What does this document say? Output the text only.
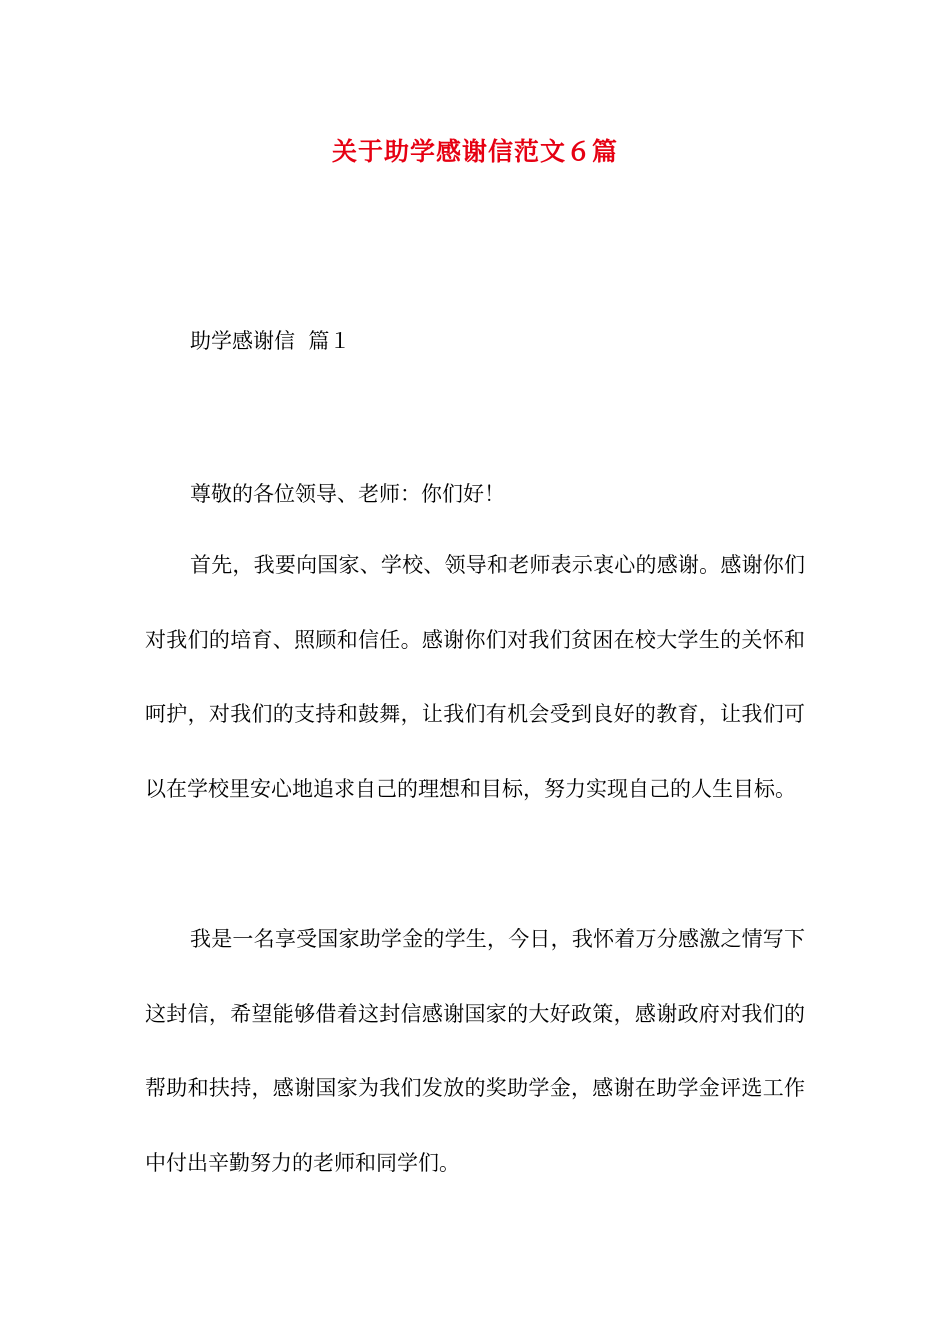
关于助学感谢信范文６篇

助学感谢信  篇１

尊敬的各位领导、老师：你们好！

首先，我要向国家、学校、领导和老师表示衷心的感谢。感谢你们对我们的培育、照顾和信任。感谢你们对我们贫困在校大学生的关怀和呵护，对我们的支持和鼓舞，让我们有机会受到良好的教育，让我们可以在学校里安心地追求自己的理想和目标，努力实现自己的人生目标。

我是一名享受国家助学金的学生，今日，我怀着万分感激之情写下这封信，希望能够借着这封信感谢国家的大好政策，感谢政府对我们的帮助和扶持，感谢国家为我们发放的奖助学金，感谢在助学金评选工作中付出辛勤努力的老师和同学们。
